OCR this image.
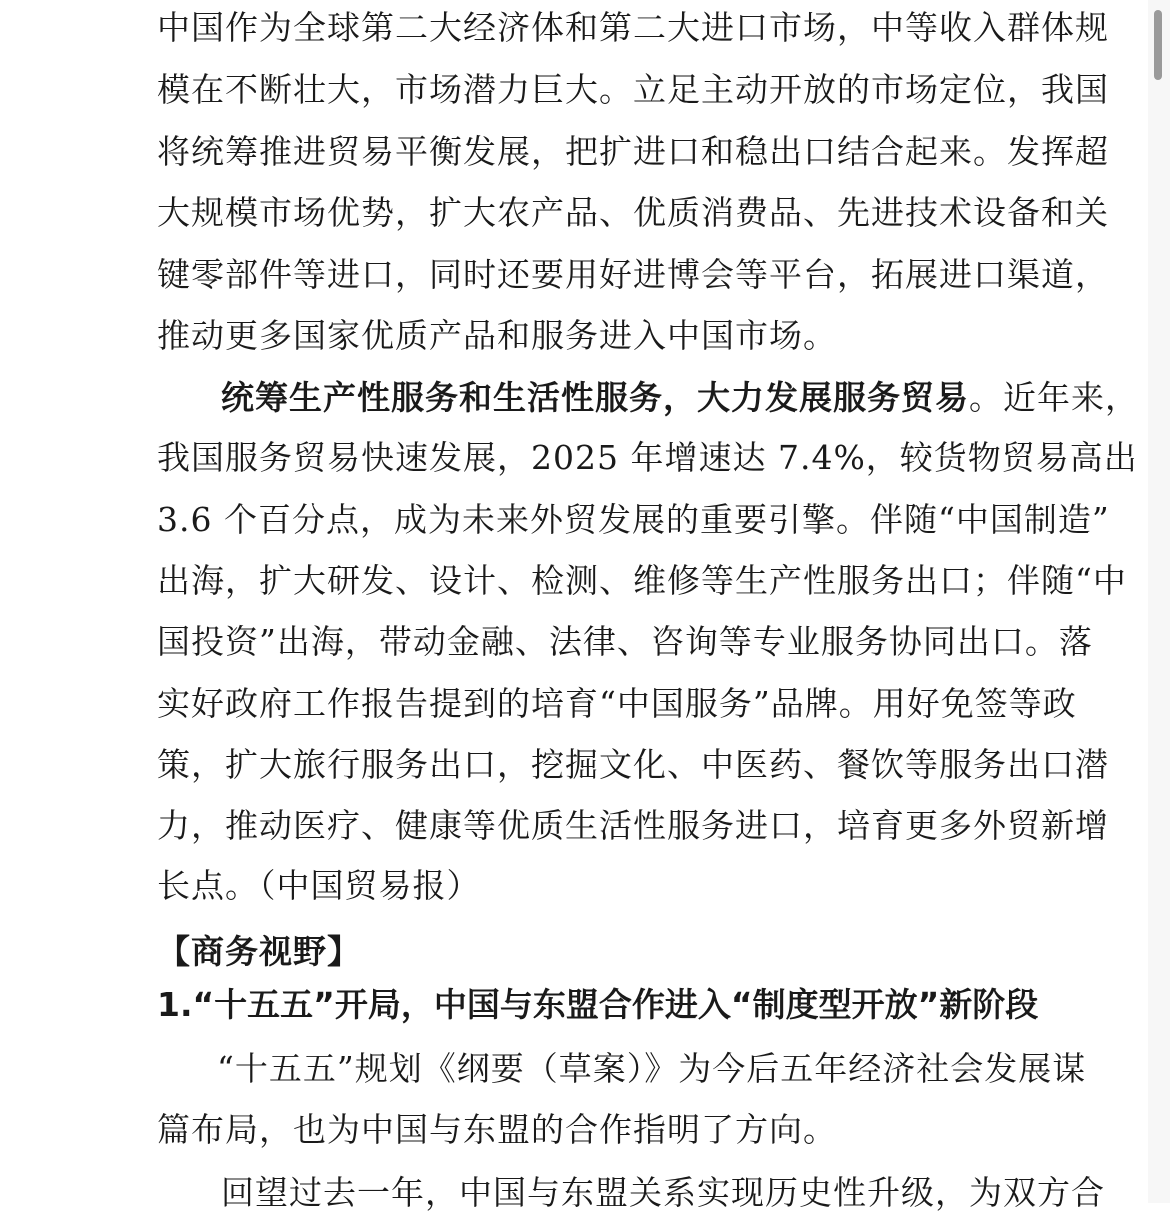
中国作为全球第二大经济体和第二大进口市场，中等收入群体规
模在不断壮大，市场潜力巨大。立足主动开放的市场定位，我国
将统筹推进贸易平衡发展，把扩进口和稳出口结合起来。发挥超
大规模市场优势，扩大农产品、优质消费品、先进技术设备和关
键零部件等进口，同时还要用好进博会等平台，拓展进口渠道，
推动更多国家优质产品和服务进入中国市场。
统筹生产性服务和生活性服务，大力发展服务贸易。近年来，
我国服务贸易快速发展，2025 年增速达 7.4%，较货物贸易高出
3.6 个百分点，成为未来外贸发展的重要引擎。伴随“中国制造”
出海，扩大研发、设计、检测、维修等生产性服务出口；伴随“中
国投资”出海，带动金融、法律、咨询等专业服务协同出口。落
实好政府工作报告提到的培育“中国服务”品牌。用好免签等政
策，扩大旅行服务出口，挖掘文化、中医药、餐饮等服务出口潜
力，推动医疗、健康等优质生活性服务进口，培育更多外贸新增
长点。（中国贸易报）
【商务视野】
1.“十五五”开局，中国与东盟合作进入“制度型开放”新阶段
“十五五”规划《纲要（草案）》为今后五年经济社会发展谋
篇布局，也为中国与东盟的合作指明了方向。
回望过去一年，中国与东盟关系实现历史性升级，为双方合
